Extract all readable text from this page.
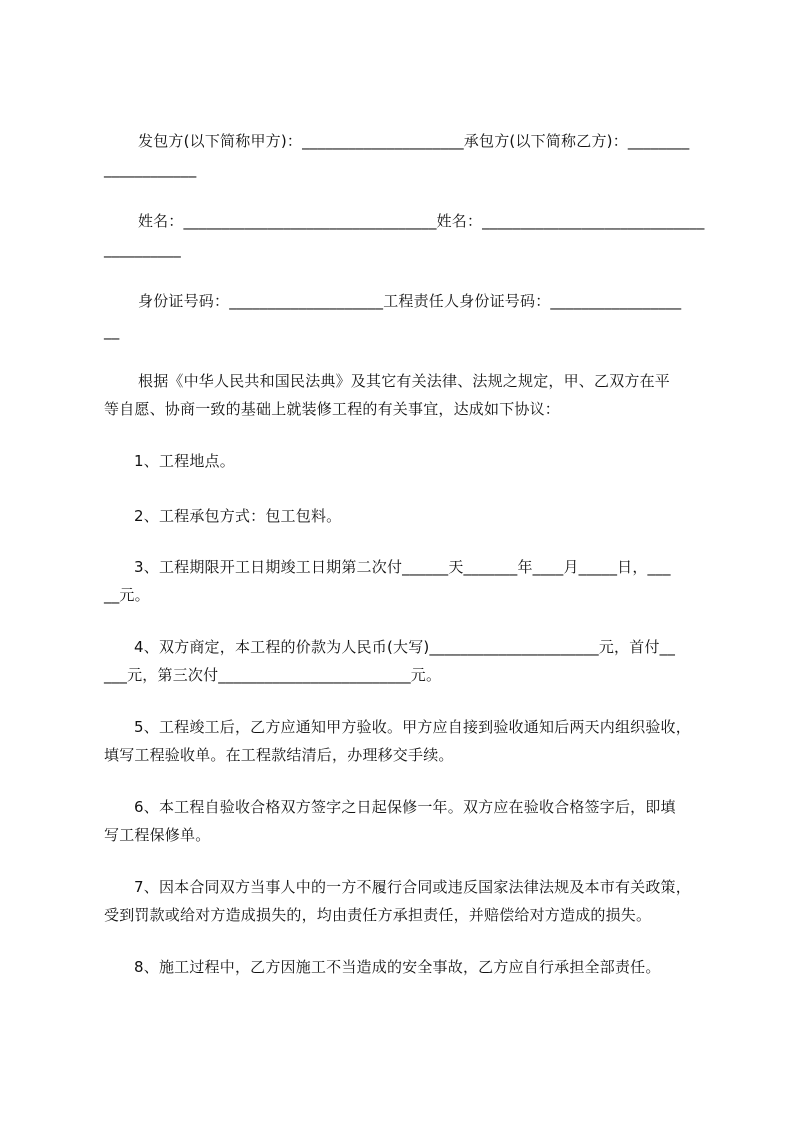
发包方(以下简称甲方)：_____________________承包方(以下简称乙方)：________
____________
姓名：_________________________________姓名：_____________________________
__________
身份证号码：____________________工程责任人身份证号码：_________________
__
根据《中华人民共和国民法典》及其它有关法律、法规之规定，甲、乙双方在平
等自愿、协商一致的基础上就装修工程的有关事宜，达成如下协议：
1、工程地点。
2、工程承包方式：包工包料。
3、工程期限开工日期竣工日期第二次付______天_______年____月_____日，___
__元。
4、双方商定，本工程的价款为人民币(大写)______________________元，首付__
___元，第三次付_________________________元。
5、工程竣工后，乙方应通知甲方验收。甲方应自接到验收通知后两天内组织验收，
填写工程验收单。在工程款结清后，办理移交手续。
6、本工程自验收合格双方签字之日起保修一年。双方应在验收合格签字后，即填
写工程保修单。
7、因本合同双方当事人中的一方不履行合同或违反国家法律法规及本市有关政策，
受到罚款或给对方造成损失的，均由责任方承担责任，并赔偿给对方造成的损失。
8、施工过程中，乙方因施工不当造成的安全事故，乙方应自行承担全部责任。
